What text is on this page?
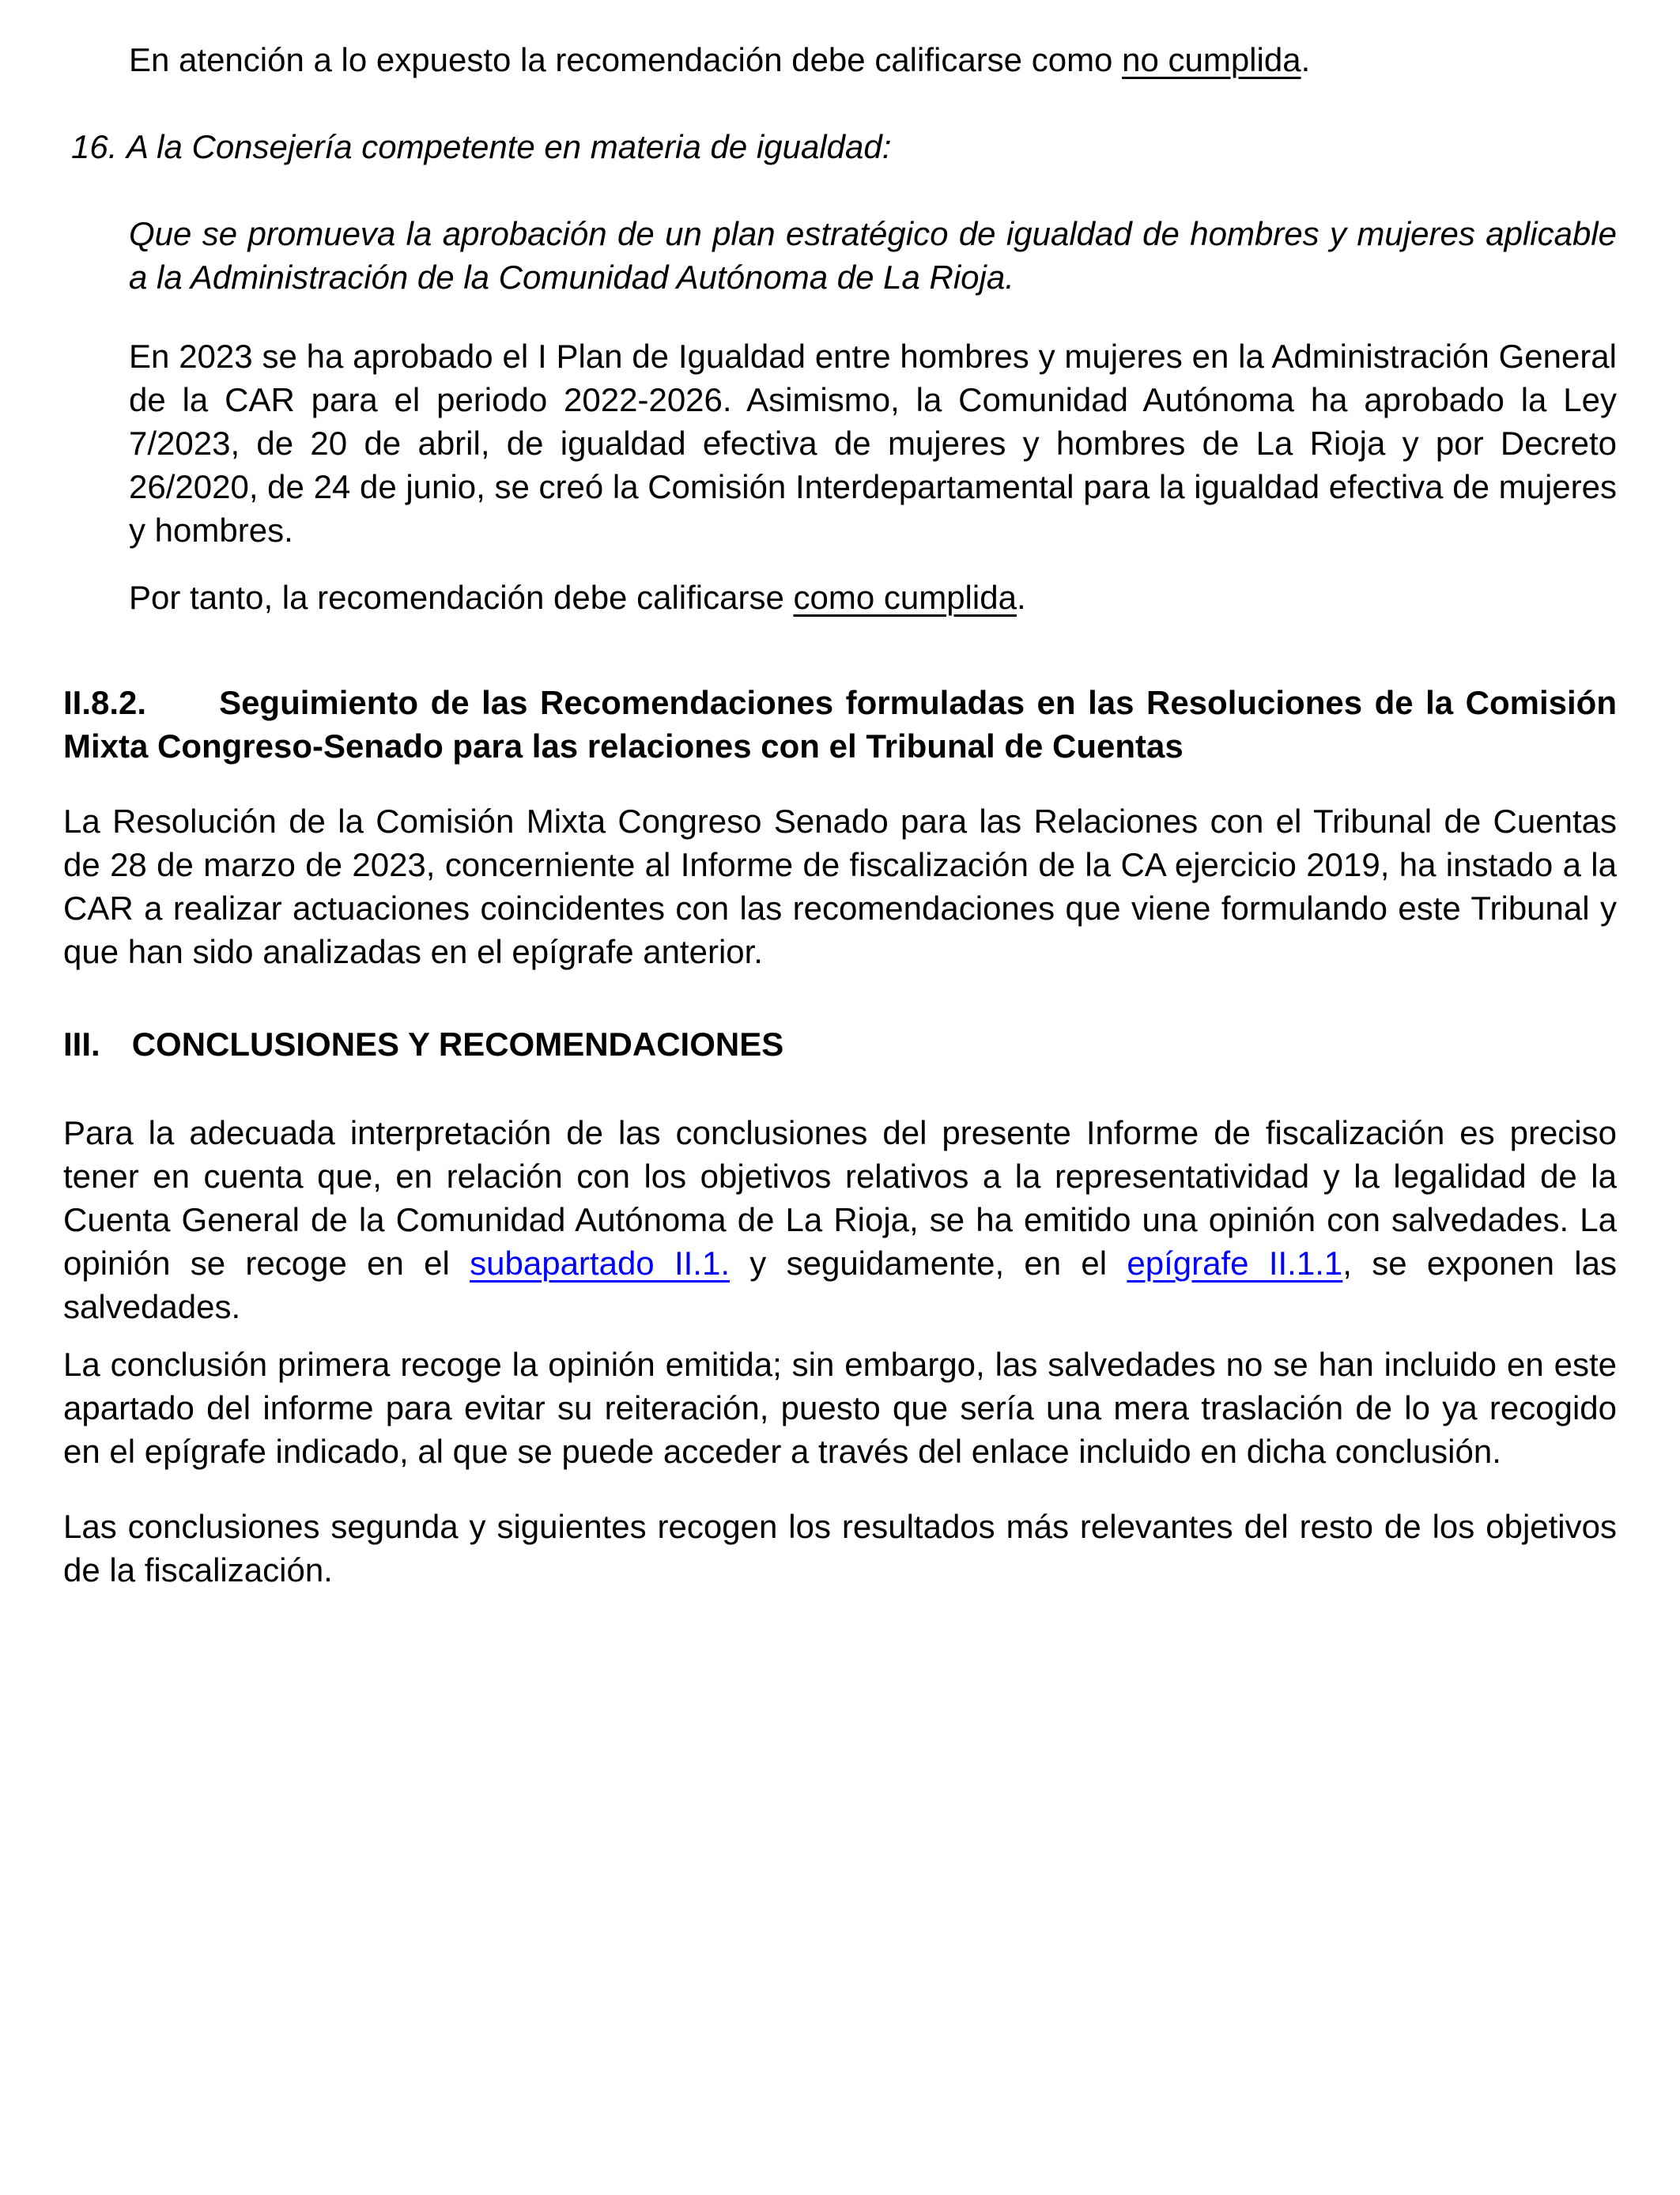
En atención a lo expuesto la recomendación debe calificarse como no cumplida.

16. A la Consejería competente en materia de igualdad:

Que se promueva la aprobación de un plan estratégico de igualdad de hombres y mujeres aplicable a la Administración de la Comunidad Autónoma de La Rioja.

En 2023 se ha aprobado el I Plan de Igualdad entre hombres y mujeres en la Administración General de la CAR para el periodo 2022-2026. Asimismo, la Comunidad Autónoma ha aprobado la Ley 7/2023, de 20 de abril, de igualdad efectiva de mujeres y hombres de La Rioja y por Decreto 26/2020, de 24 de junio, se creó la Comisión Interdepartamental para la igualdad efectiva de mujeres y hombres.

Por tanto, la recomendación debe calificarse como cumplida.

II.8.2. Seguimiento de las Recomendaciones formuladas en las Resoluciones de la Comisión Mixta Congreso-Senado para las relaciones con el Tribunal de Cuentas

La Resolución de la Comisión Mixta Congreso Senado para las Relaciones con el Tribunal de Cuentas de 28 de marzo de 2023, concerniente al Informe de fiscalización de la CA ejercicio 2019, ha instado a la CAR a realizar actuaciones coincidentes con las recomendaciones que viene formulando este Tribunal y que han sido analizadas en el epígrafe anterior.

III. CONCLUSIONES Y RECOMENDACIONES

Para la adecuada interpretación de las conclusiones del presente Informe de fiscalización es preciso tener en cuenta que, en relación con los objetivos relativos a la representatividad y la legalidad de la Cuenta General de la Comunidad Autónoma de La Rioja, se ha emitido una opinión con salvedades. La opinión se recoge en el subapartado II.1. y seguidamente, en el epígrafe II.1.1, se exponen las salvedades.

La conclusión primera recoge la opinión emitida; sin embargo, las salvedades no se han incluido en este apartado del informe para evitar su reiteración, puesto que sería una mera traslación de lo ya recogido en el epígrafe indicado, al que se puede acceder a través del enlace incluido en dicha conclusión.

Las conclusiones segunda y siguientes recogen los resultados más relevantes del resto de los objetivos de la fiscalización.
